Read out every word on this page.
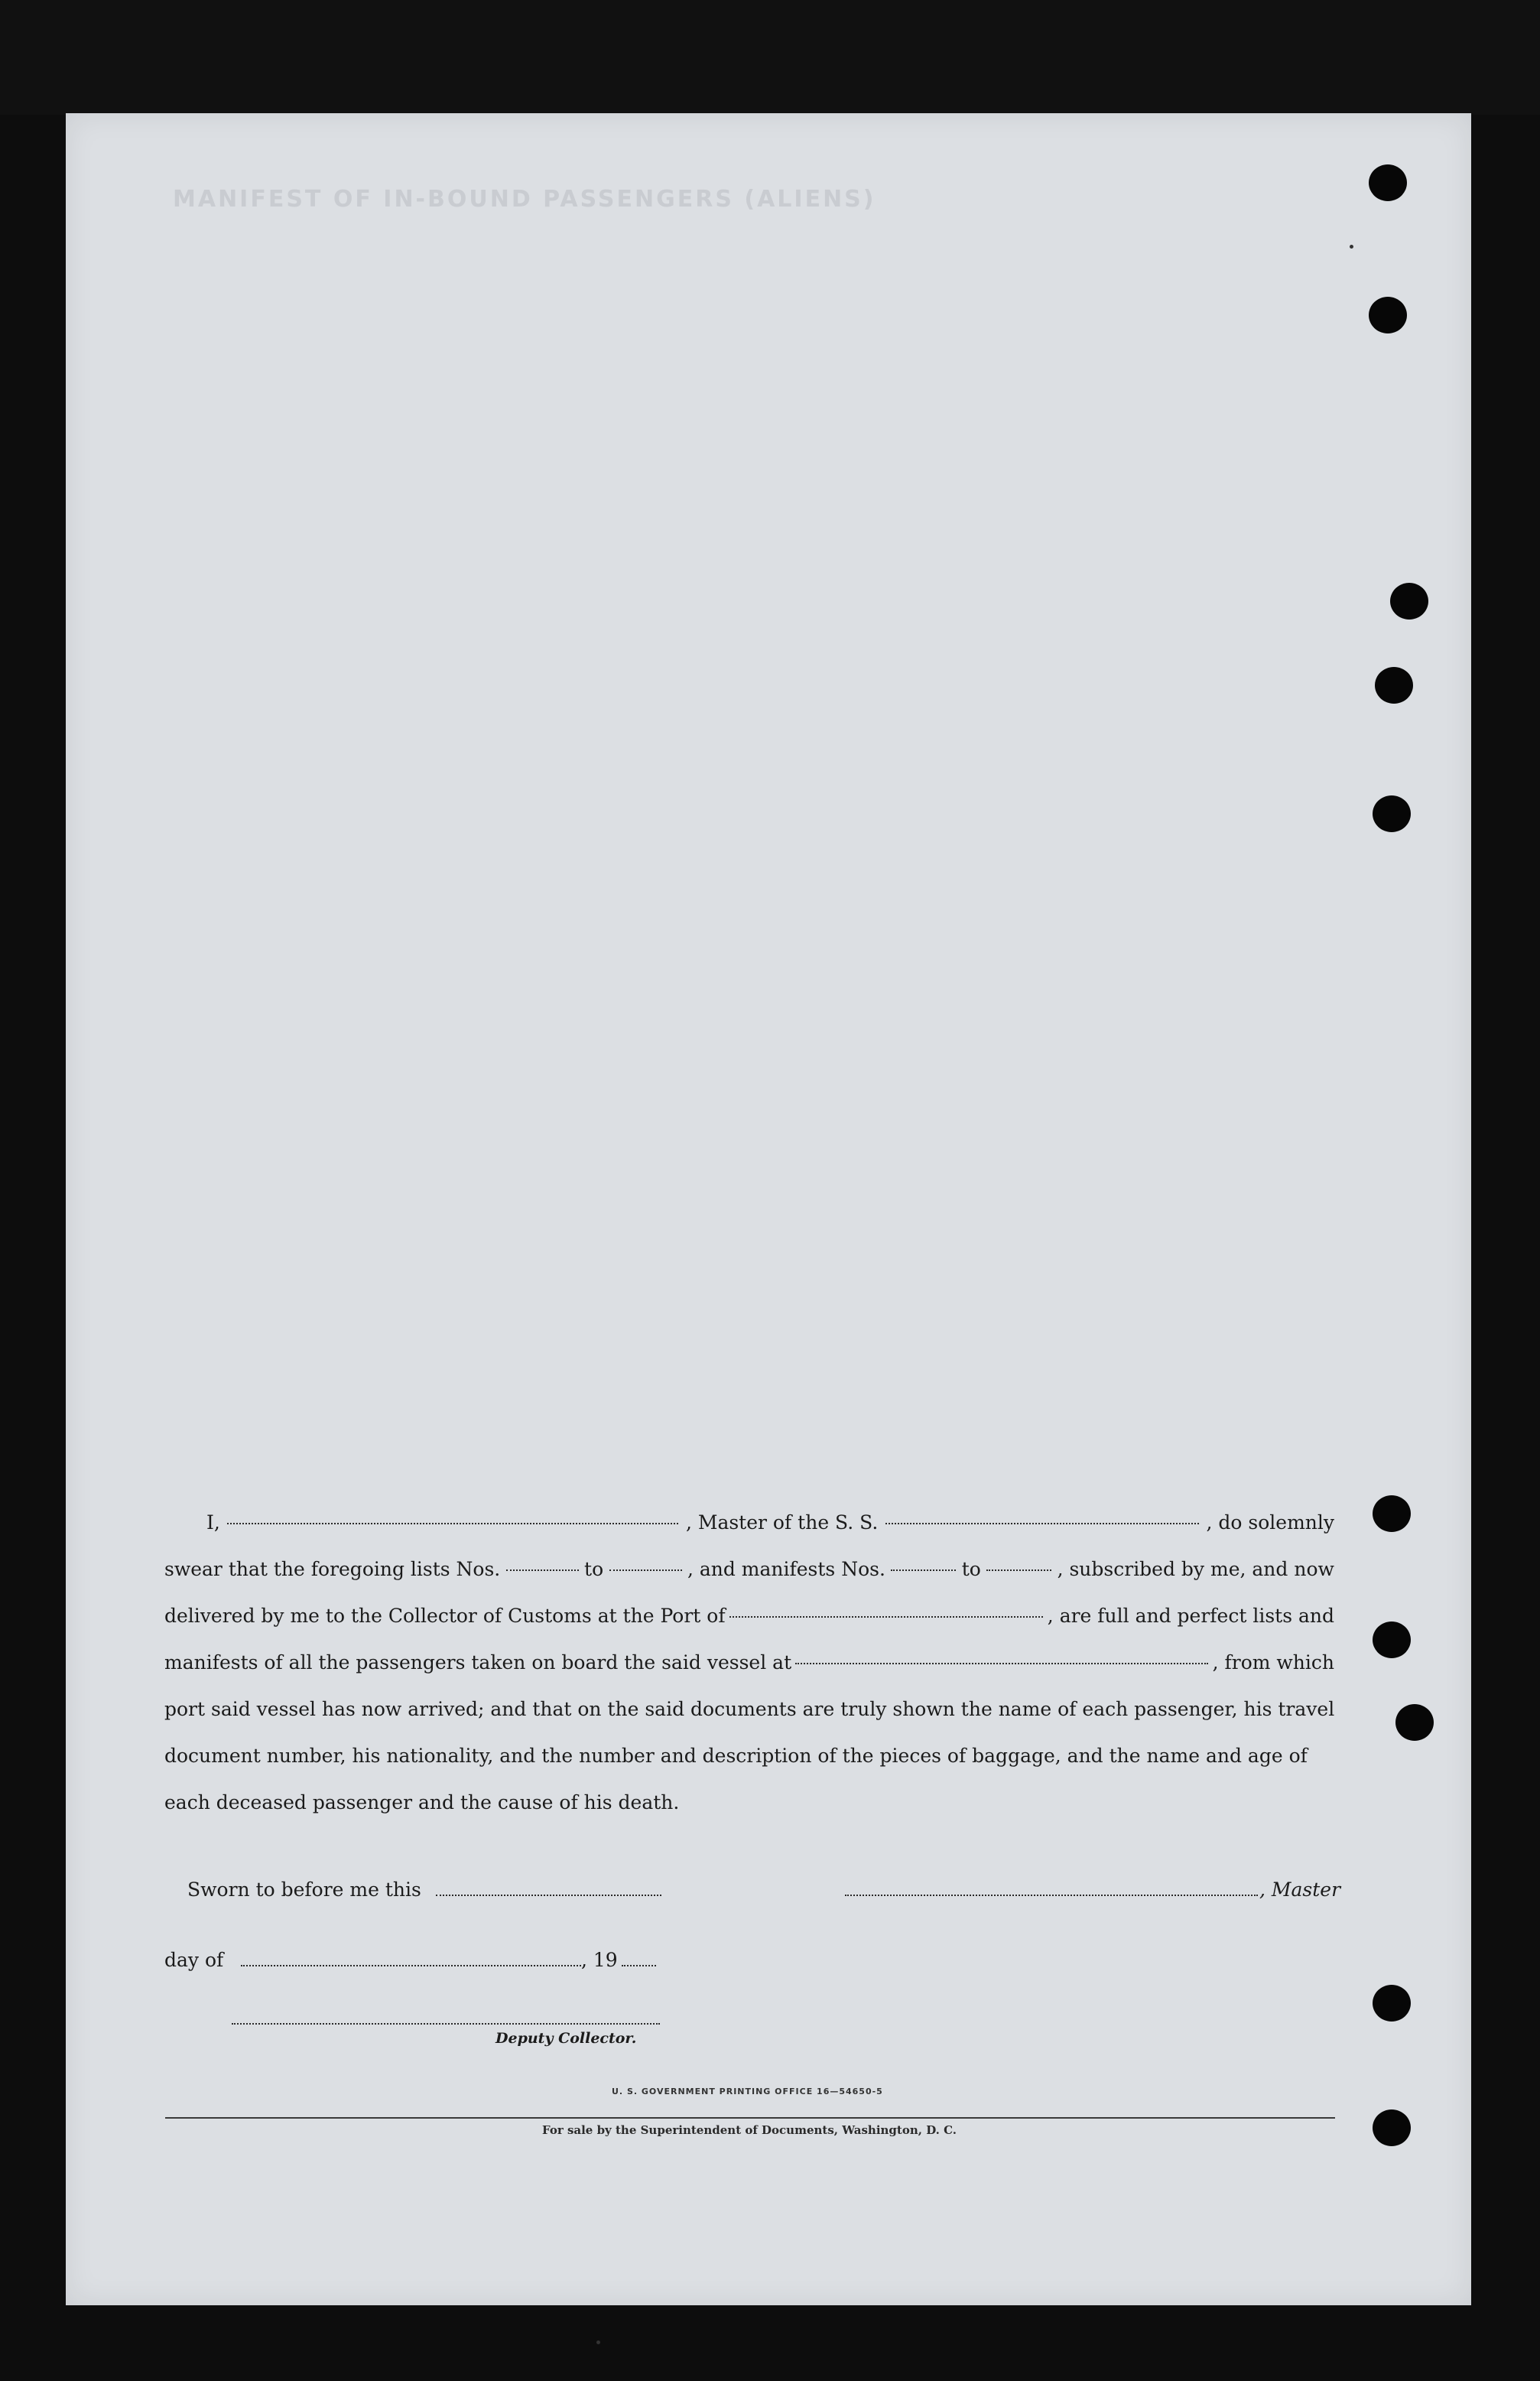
MANIFEST OF IN-BOUND PASSENGERS (ALIENS)
I,	, Master of the S. S.	, do solemnly
swear that the foregoing lists Nos.	to	, and manifests Nos.	to	, subscribed by me, and now
delivered by me to the Collector of Customs at the Port of	, are full and perfect lists and
manifests of all the passengers taken on board the said vessel at	, from which
port said vessel has now arrived; and that on the said documents are truly shown the name of each passenger, his travel
document number, his nationality, and the number and description of the pieces of baggage, and the name and age of
each deceased passenger and the cause of his death.
Sworn to before me this	, Master
day of	, 19
Deputy Collector.
U. S. GOVERNMENT PRINTING OFFICE 16—54650-5
For sale by the Superintendent of Documents, Washington, D. C.
